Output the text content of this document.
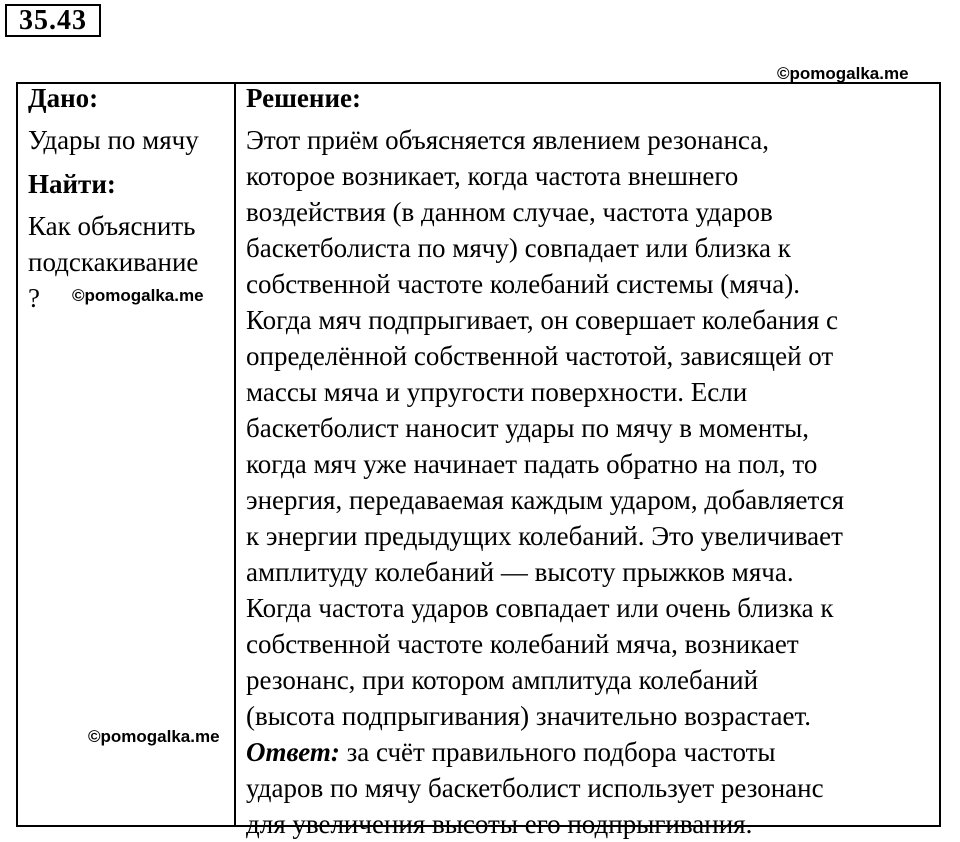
35.43
©pomogalka.me
Дано:
Удары по мячу
Найти:
Как объяснить
подскакивание
?	©pomogalka.me
Решение:
Этот приём объясняется явлением резонанса,
которое возникает, когда частота внешнего
воздействия (в данном случае, частота ударов
баскетболиста по мячу) совпадает или близка к
собственной частоте колебаний системы (мяча).
Когда мяч подпрыгивает, он совершает колебания с
определённой собственной частотой, зависящей от
массы мяча и упругости поверхности. Если
баскетболист наносит удары по мячу в моменты,
когда мяч уже начинает падать обратно на пол, то
энергия, передаваемая каждым ударом, добавляется
к энергии предыдущих колебаний. Это увеличивает
амплитуду колебаний — высоту прыжков мяча.
Когда частота ударов совпадает или очень близка к
собственной частоте колебаний мяча, возникает
резонанс, при котором амплитуда колебаний
(высота подпрыгивания) значительно возрастает.
Ответ: за счёт правильного подбора частоты
ударов по мячу баскетболист использует резонанс
для увеличения высоты его подпрыгивания.
©pomogalka.me
